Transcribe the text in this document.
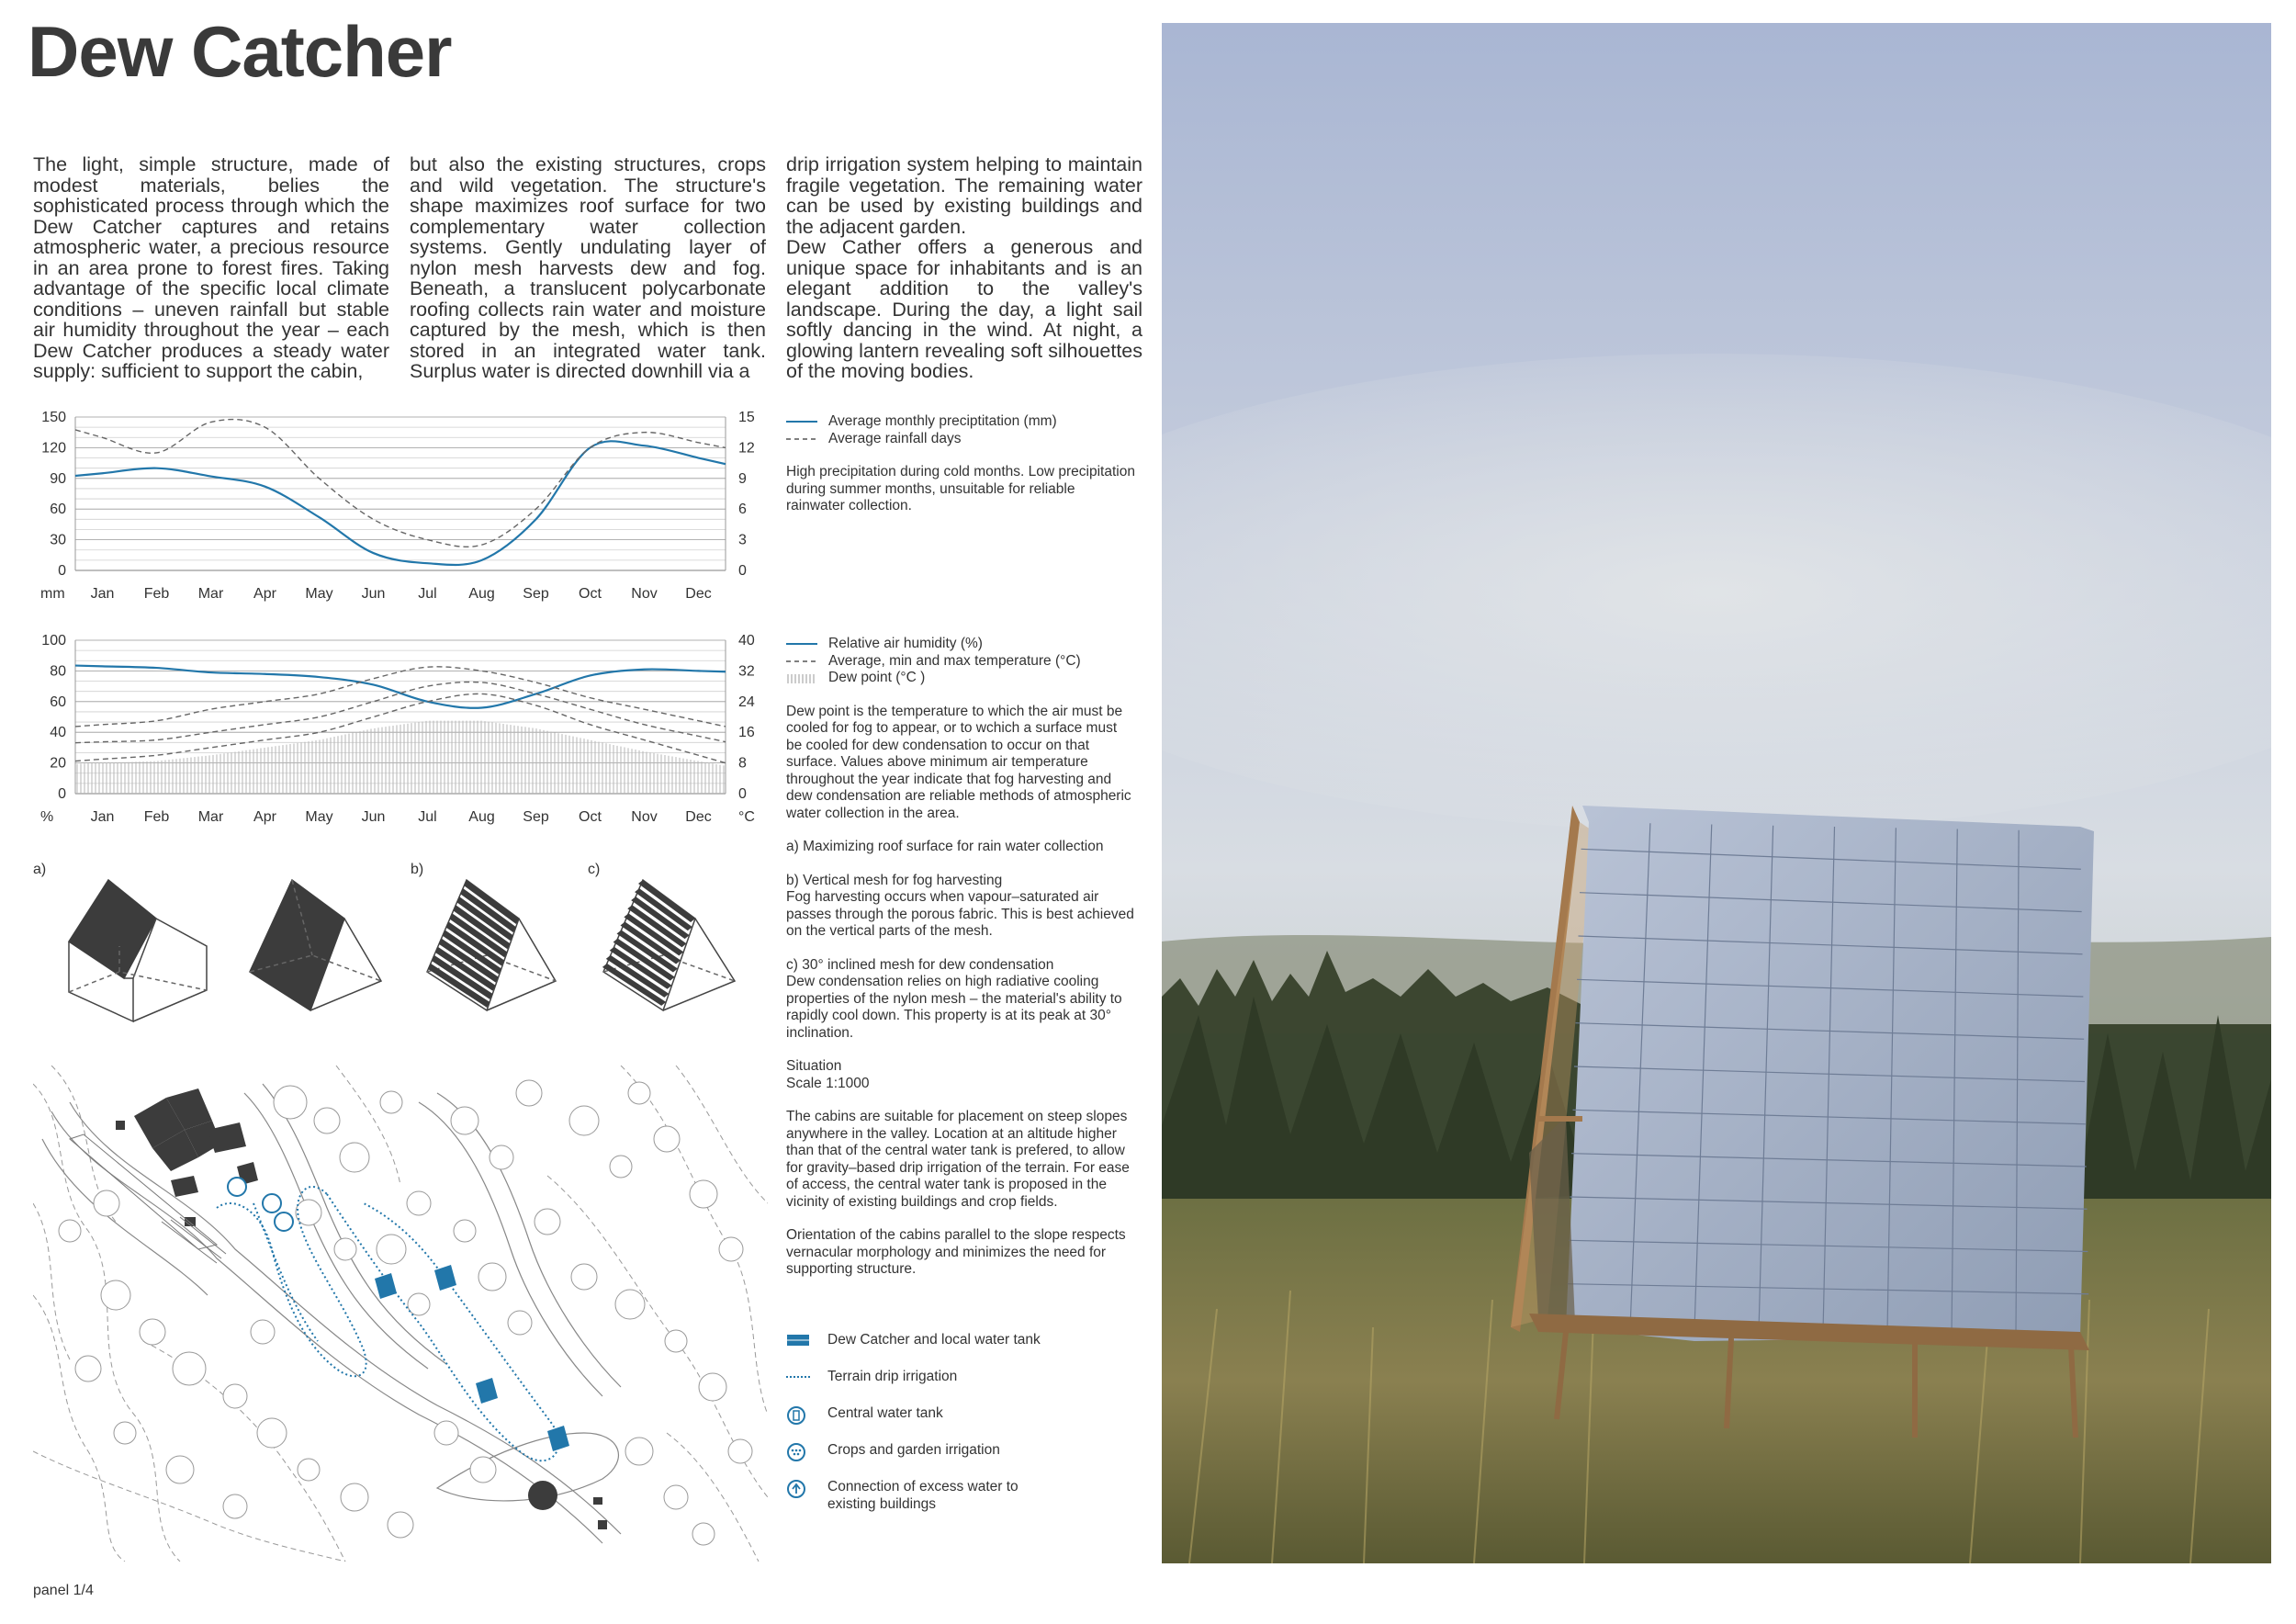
Dew Catcher

The light, simple structure, made of modest materials, belies the sophisticated process through which the Dew Catcher captures and retains atmospheric water, a precious resource in an area prone to forest fires. Taking advantage of the specific local climate conditions – uneven rainfall but stable air humidity throughout the year – each Dew Catcher produces a steady water supply: sufficient to support the cabin,

but also the existing structures, crops and wild vegetation. The structure's shape maximizes roof surface for two complementary water collection systems. Gently undulating layer of nylon mesh harvests dew and fog. Beneath, a translucent polycarbonate roofing collects rain water and moisture captured by the mesh, which is then stored in an integrated water tank. Surplus water is directed downhill via a

drip irrigation system helping to maintain fragile vegetation. The remaining water can be used by existing buildings and the adjacent garden.

Dew Cather offers a generous and unique space for inhabitants and is an elegant addition to the valley's landscape. During the day, a light sail softly dancing in the wind. At night, a glowing lantern revealing soft silhouettes of the moving bodies.

0
30
60
90
120
150
0
3
6
9
12
15
Jan Feb Mar Apr May Jun Jul Aug Sep Oct Nov Dec
mm
Average monthly preciptitation (mm)
Average rainfall days

High precipitation during cold months. Low precipitation during summer months, unsuitable for reliable rainwater collection.

0
20
40
60
80
100
0
8
16
24
32
40
Jan Feb Mar Apr May Jun Jul Aug Sep Oct Nov Dec
%	°C
Relative air humidity (%)
Average, min and max temperature (°C)
Dew point (°C )

Dew point is the temperature to which the air must be cooled for fog to appear, or to wchich a surface must be cooled for dew condensation to occur on that surface. Values above minimum air temperature throughout the year indicate that fog harvesting and dew condensation are reliable methods of atmospheric water collection in the area.

a) Maximizing roof surface for rain water collection

b) Vertical mesh for fog harvesting

Fog harvesting occurs when vapour–saturated air passes through the porous fabric. This is best achieved on the vertical parts of the mesh.

c) 30° inclined mesh for dew condensation

Dew condensation relies on high radiative cooling properties of the nylon mesh – the material's ability to rapidly cool down. This property is at its peak at 30° inclination.

Situation

Scale 1:1000

The cabins are suitable for placement on steep slopes anywhere in the valley. Location at an altitude higher than that of the central water tank is prefered, to allow for gravity–based drip irrigation of the terrain. For ease of access, the central water tank is proposed in the vicinity of existing buildings and crop fields.

Orientation of the cabins parallel to the slope respects vernacular morphology and minimizes the need for supporting structure.

a)	b)	c)
Dew Catcher and local water tank
Terrain drip irrigation
Central water tank
Crops and garden irrigation
Connection of excess water to existing buildings
panel 1/4
